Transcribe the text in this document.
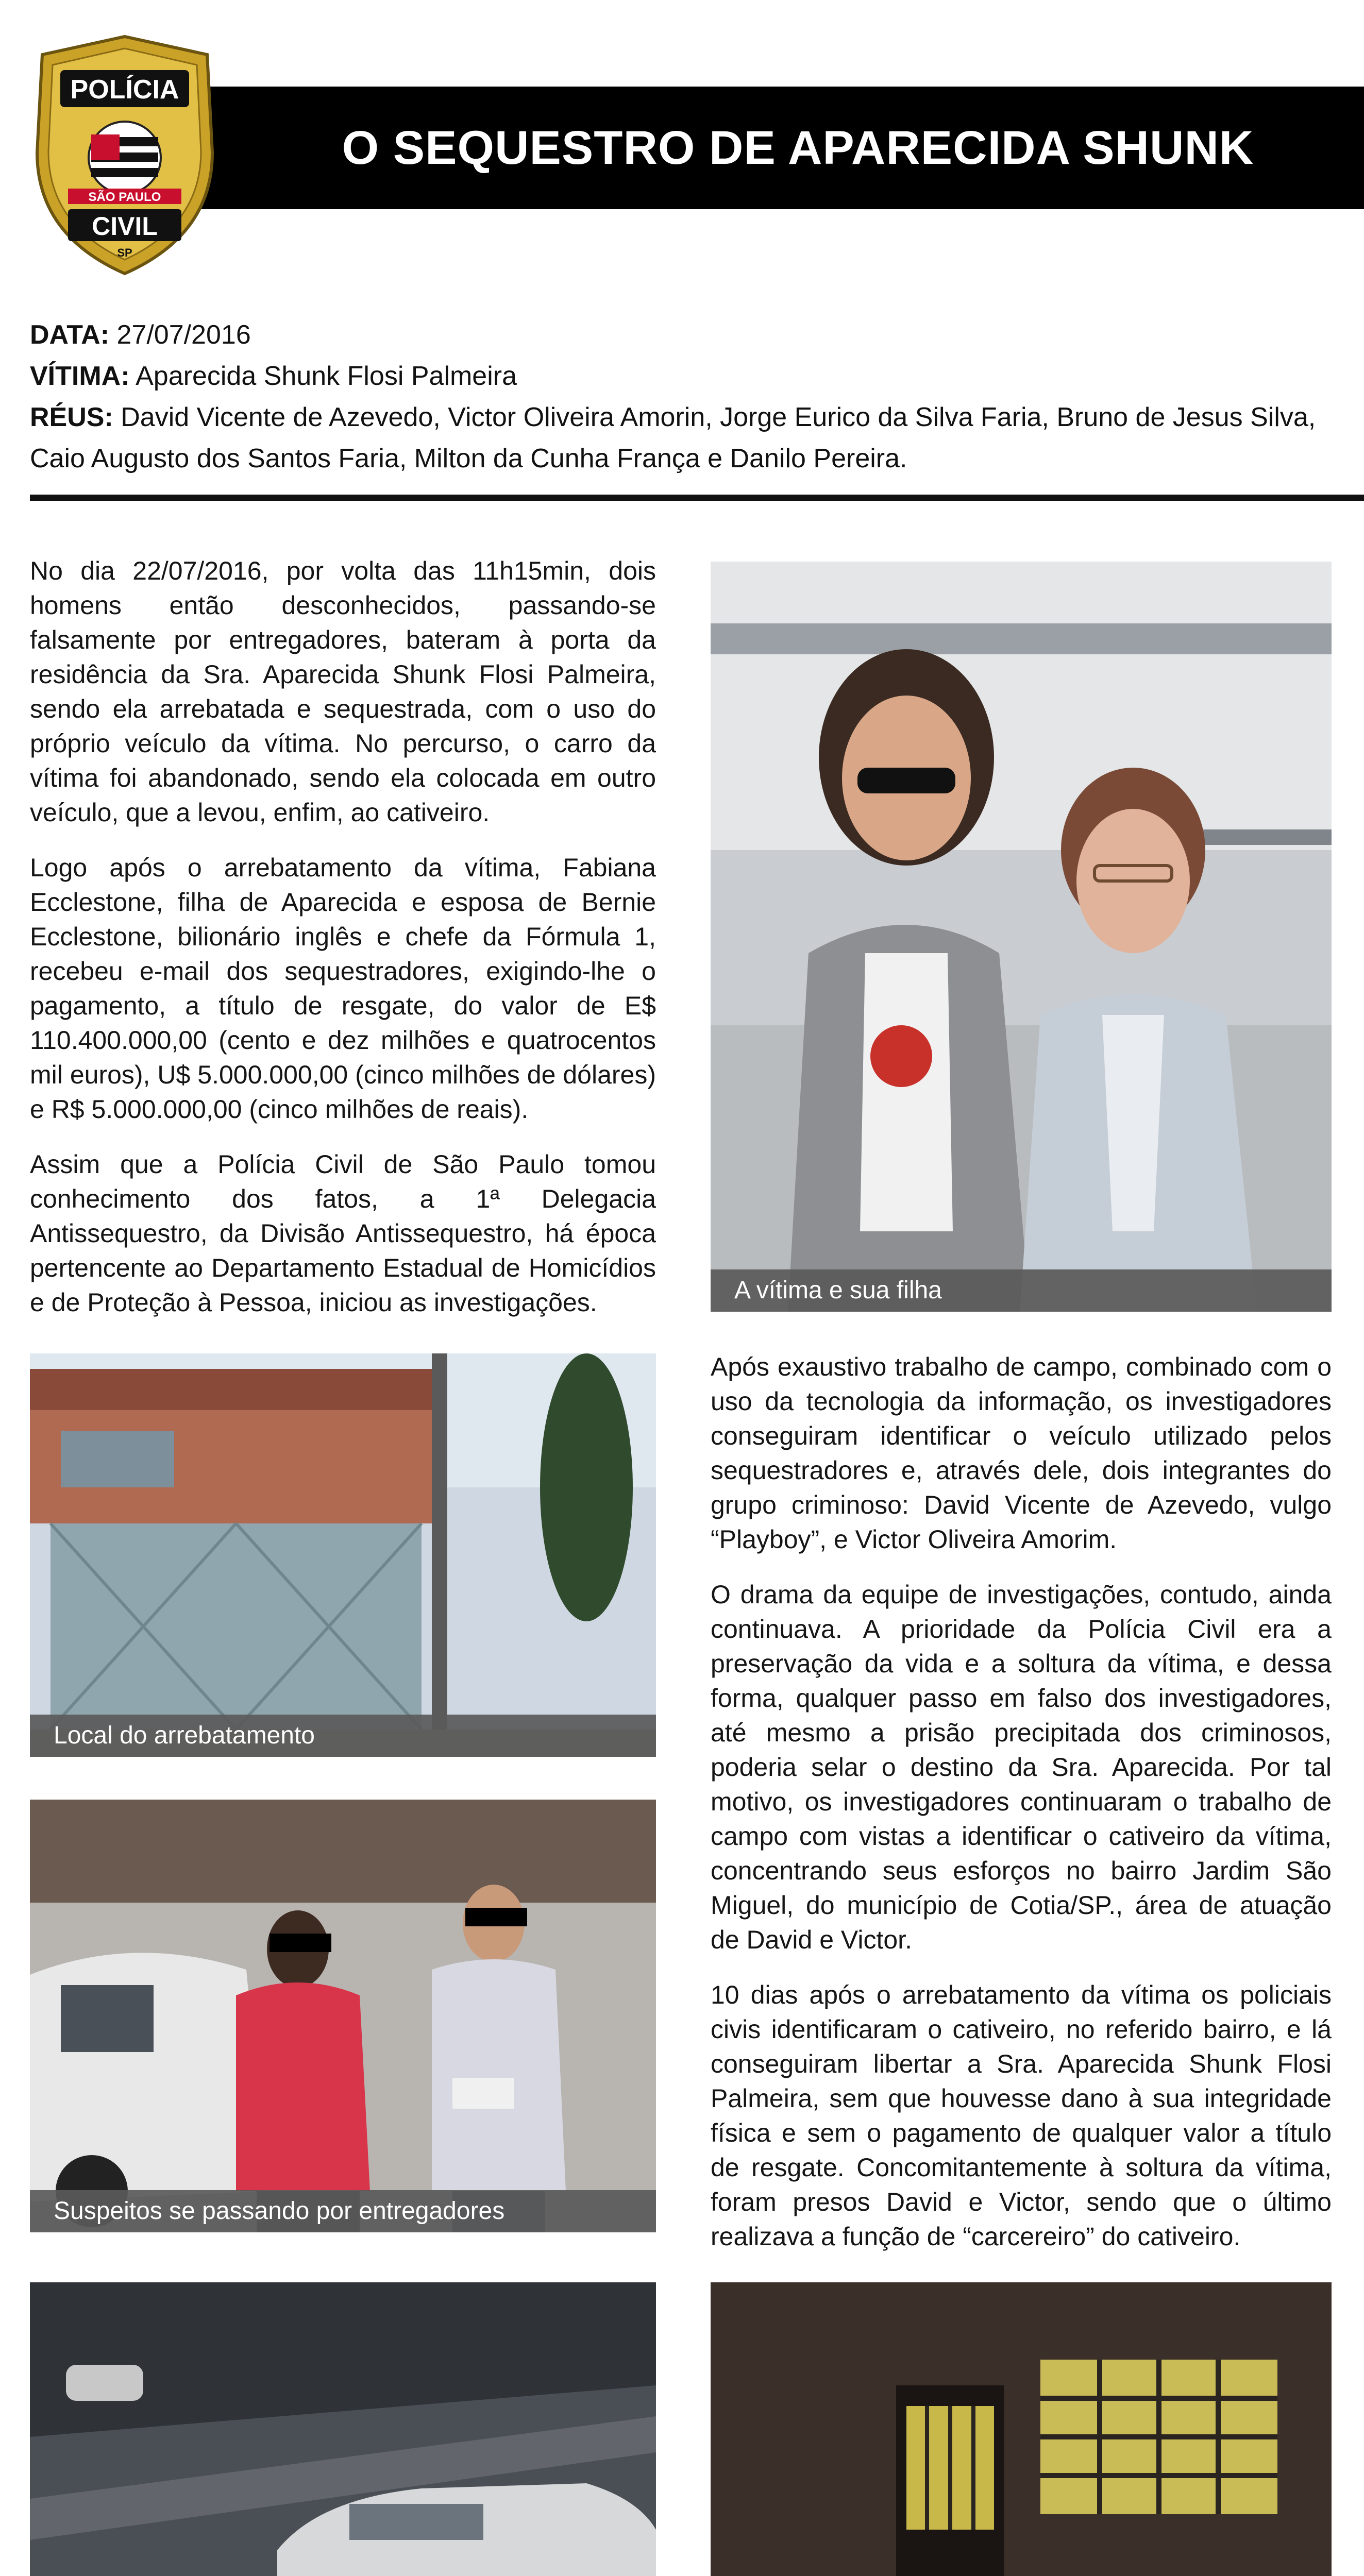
O SEQUESTRO DE APARECIDA SHUNK
POLÍCIA
SÃO PAULO
CIVIL
SP
DATA: 27/07/2016
VÍTIMA: Aparecida Shunk Flosi Palmeira
RÉUS: David Vicente de Azevedo, Victor Oliveira Amorin, Jorge Eurico da Silva Faria, Bruno de Jesus Silva, Caio Augusto dos Santos Faria, Milton da Cunha França e Danilo Pereira.

No dia 22/07/2016, por volta das 11h15min, dois homens então desconhecidos, passando-se falsamente por entregadores, bateram à porta da residência da Sra. Aparecida Shunk Flosi Palmeira, sendo ela arrebatada e sequestrada, com o uso do próprio veículo da vítima. No percurso, o carro da vítima foi abandonado, sendo ela colocada em outro veículo, que a levou, enfim, ao cativeiro.

Logo após o arrebatamento da vítima, Fabiana Ecclestone, filha de Aparecida e esposa de Bernie Ecclestone, bilionário inglês e chefe da Fórmula 1, recebeu e-mail dos sequestradores, exigindo-lhe o pagamento, a título de resgate, do valor de E$ 110.400.000,00 (cento e dez milhões e quatrocentos mil euros), U$ 5.000.000,00 (cinco milhões de dólares) e R$ 5.000.000,00 (cinco milhões de reais).

Assim que a Polícia Civil de São Paulo tomou conhecimento dos fatos, a 1ª Delegacia Antissequestro, da Divisão Antissequestro, há época pertencente ao Departamento Estadual de Homicídios e de Proteção à Pessoa, iniciou as investigações.	A vítima e sua filha
Local do arrebatamento

Após exaustivo trabalho de campo, combinado com o uso da tecnologia da informação, os investigadores conseguiram identificar o veículo utilizado pelos sequestradores e, através dele, dois integrantes do grupo criminoso: David Vicente de Azevedo, vulgo “Playboy”, e Victor Oliveira Amorim.

O drama da equipe de investigações, contudo, ainda continuava. A prioridade da Polícia Civil era a preservação da vida e a soltura da vítima, e dessa forma, qualquer passo em falso dos investigadores, até mesmo a prisão precipitada dos criminosos, poderia selar o destino da Sra. Aparecida. Por tal motivo, os investigadores continuaram o trabalho de campo com vistas a identificar o cativeiro da vítima, concentrando seus esforços no bairro Jardim São Miguel, do município de Cotia/SP., área de atuação de David e Victor.

10 dias após o arrebatamento da vítima os policiais civis identificaram o cativeiro, no referido bairro, e lá conseguiram libertar a Sra. Aparecida Shunk Flosi Palmeira, sem que houvesse dano à sua integridade física e sem o pagamento de qualquer valor a título de resgate. Concomitantemente à soltura da vítima, foram presos David e Victor, sendo que o último realizava a função de “carcereiro” do cativeiro.

Suspeitos se passando por entregadores
